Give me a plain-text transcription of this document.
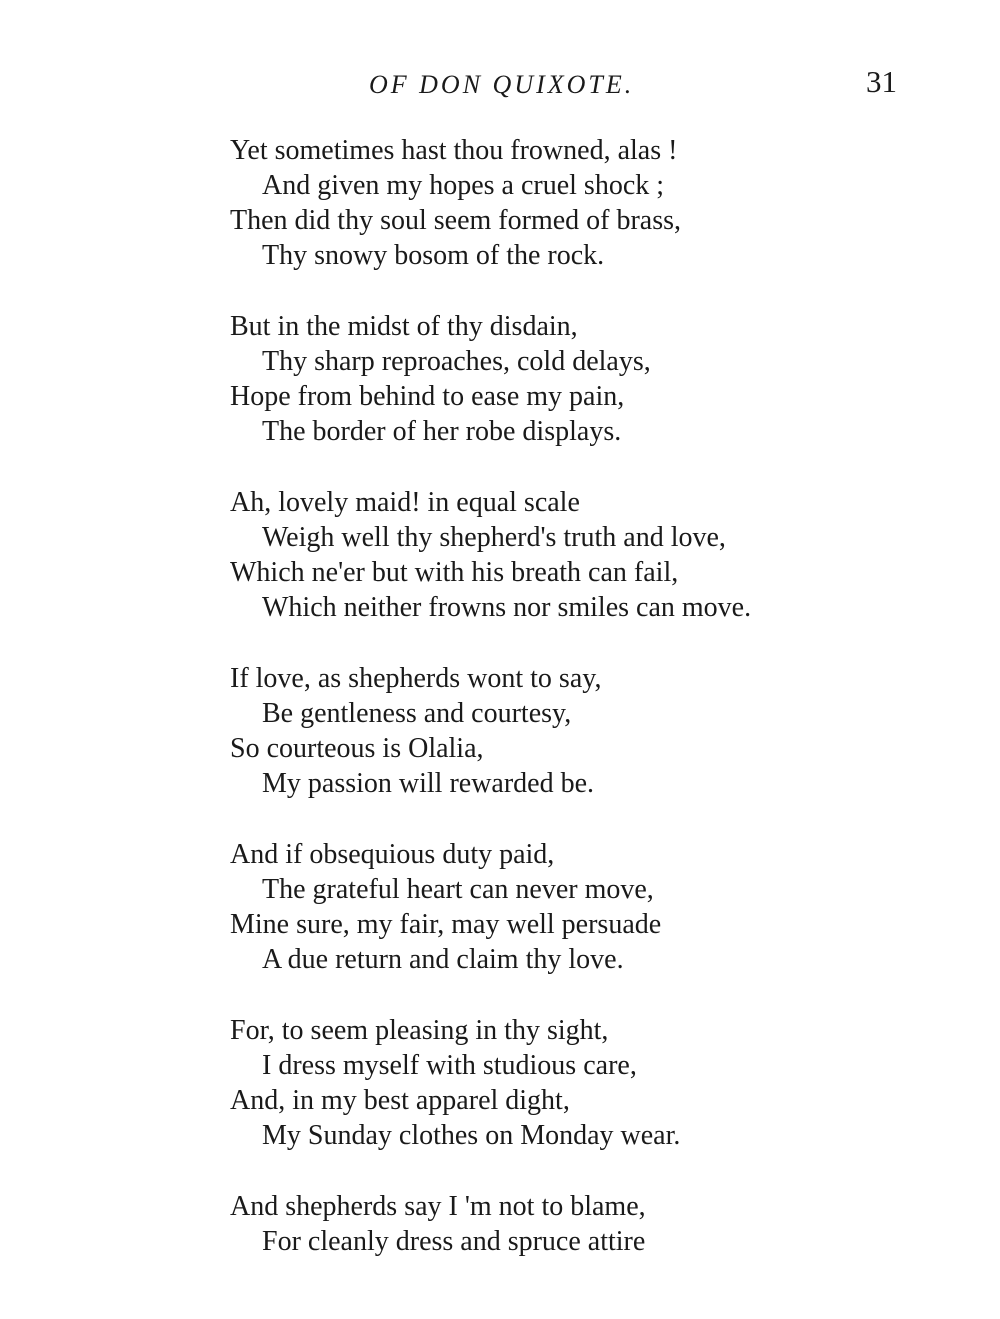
OF DON QUIXOTE.	31
Yet sometimes hast thou frowned, alas !
And given my hopes a cruel shock ;
Then did thy soul seem formed of brass,
Thy snowy bosom of the rock.
But in the midst of thy disdain,
Thy sharp reproaches, cold delays,
Hope from behind to ease my pain,
The border of her robe displays.
Ah, lovely maid! in equal scale
Weigh well thy shepherd's truth and love,
Which ne'er but with his breath can fail,
Which neither frowns nor smiles can move.
If love, as shepherds wont to say,
Be gentleness and courtesy,
So courteous is Olalia,
My passion will rewarded be.
And if obsequious duty paid,
The grateful heart can never move,
Mine sure, my fair, may well persuade
A due return and claim thy love.
For, to seem pleasing in thy sight,
I dress myself with studious care,
And, in my best apparel dight,
My Sunday clothes on Monday wear.
And shepherds say I 'm not to blame,
For cleanly dress and spruce attire
